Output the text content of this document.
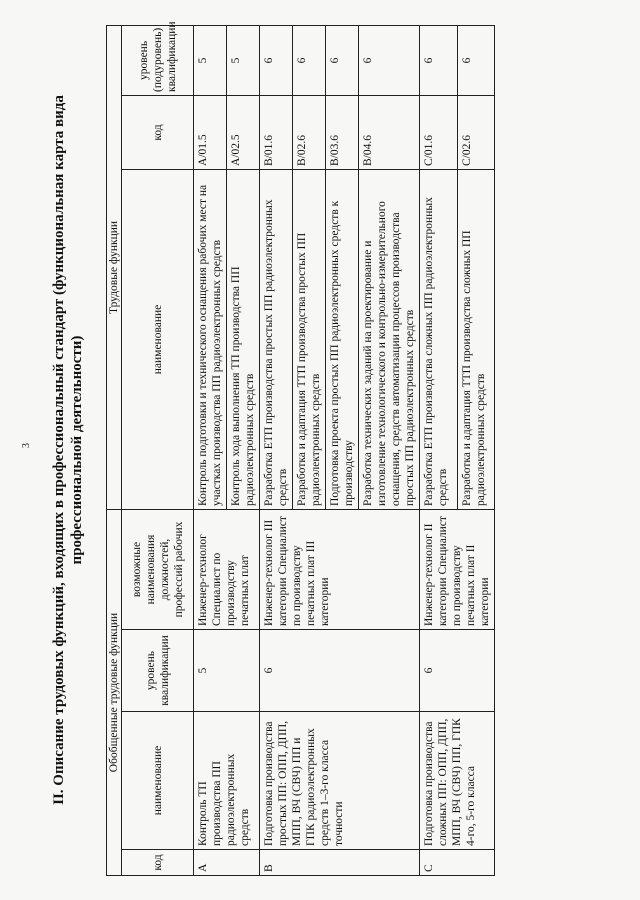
3 II. Описание трудовых функций, входящих в профессиональный стандарт (функциональная карта вида профессиональной деятельности)
Обобщенные трудовые функции				Трудовые функции		
код	наименование	уровень квалификации	возможные наименования должностей, профессий рабочих	наименование	код	уровень (подуровень) квалификации
A	Контроль ТП производства ПП радиоэлектронных средств	5	Инженер-технолог Специалист по производству печатных плат	Контроль подготовки и технического оснащения рабочих мест на участках производства ПП радиоэлектронных средств	A/01.5	5
				Контроль хода выполнения ТП производства ПП радиоэлектронных средств	A/02.5	5
B	Подготовка производства простых ПП: ОПП, ДПП, МПП, ВЧ (СВЧ) ПП и ГПК радиоэлектронных средств 1–3-го класса точности	6	Инженер-технолог III категории Специалист по производству печатных плат III категории	Разработка ЕТП производства простых ПП радиоэлектронных средств	B/01.6	6
				Разработка и адаптация ТТП производства простых ПП радиоэлектронных средств	B/02.6	6
				Подготовка проекта простых ПП радиоэлектронных средств к производству	B/03.6	6
				Разработка технических заданий на проектирование и изготовление технологического и контрольно-измерительного оснащения, средств автоматизации процессов производства простых ПП радиоэлектронных средств	B/04.6	6
C	Подготовка производства сложных ПП: ОПП, ДПП, МПП, ВЧ (СВЧ) ПП, ГПК 4-го, 5-го класса	6	Инженер-технолог II категории Специалист по производству печатных плат II категории	Разработка ЕТП производства сложных ПП радиоэлектронных средств	C/01.6	6
				Разработка и адаптация ТТП производства сложных ПП радиоэлектронных средств	C/02.6	6
